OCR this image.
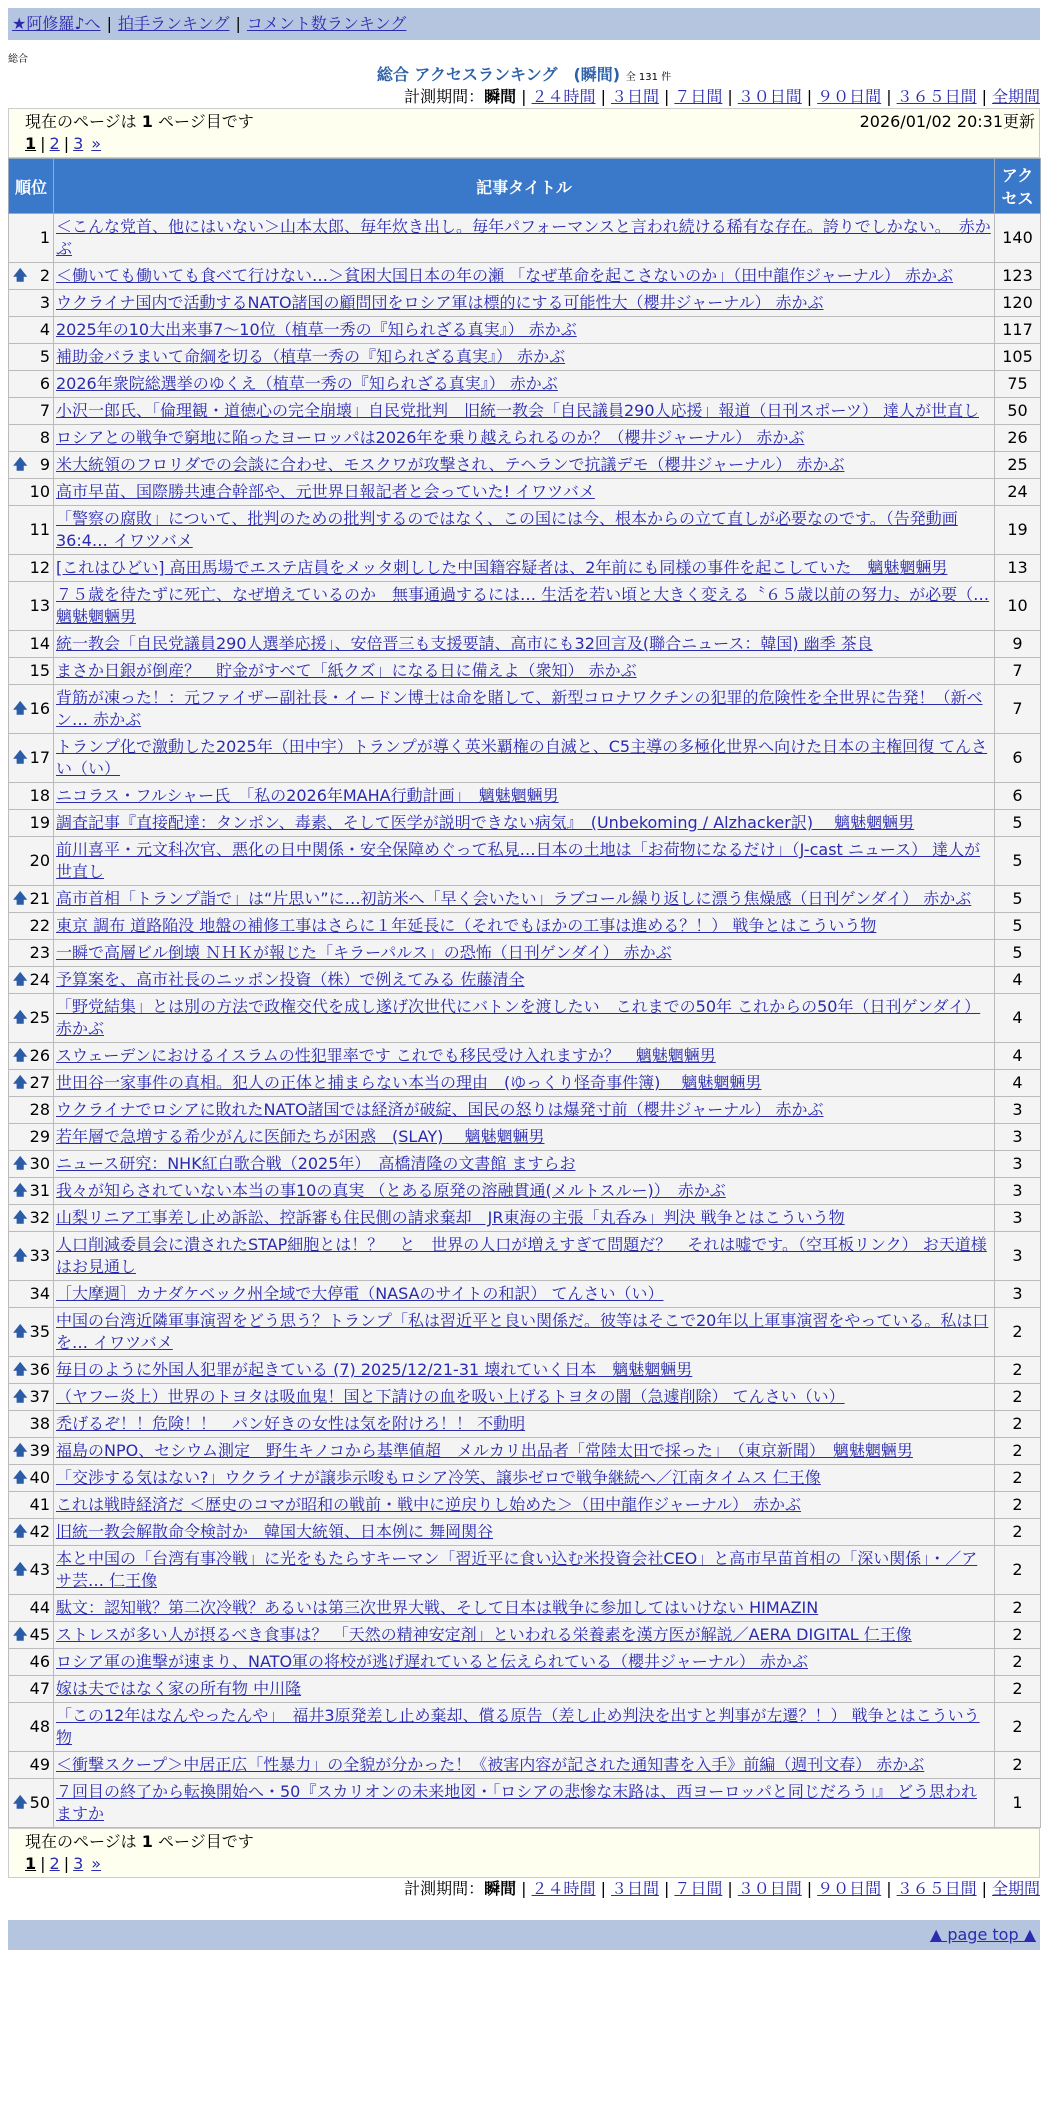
★阿修羅♪へ | 拍手ランキング | コメント数ランキング
総合
総合 アクセスランキング　(瞬間) 全 131 件
計測期間：瞬間 | ２４時間 | ３日間 | ７日間 | ３０日間 | ９０日間 | ３６５日間 | 全期間
現在のページは 1 ページ目です	2026/01/02 20:31更新
1 | 2 | 3 »
順位	記事タイトル	アクセス
1	＜こんな党首、他にはいない＞山本太郎、毎年炊き出し。毎年パフォーマンスと言われ続ける稀有な存在。誇りでしかない。　赤かぶ	140

🡅 2	＜働いても働いても食べて行けない…＞貧困大国日本の年の瀬 「なぜ革命を起こさないのか」（田中龍作ジャーナル） 赤かぶ	123
3	ウクライナ国内で活動するNATO諸国の顧問団をロシア軍は標的にする可能性大（櫻井ジャーナル） 赤かぶ	120
4	2025年の10大出来事7～10位（植草一秀の『知られざる真実』） 赤かぶ	117
5	補助金バラまいて命綱を切る（植草一秀の『知られざる真実』） 赤かぶ	105
6	2026年衆院総選挙のゆくえ（植草一秀の『知られざる真実』） 赤かぶ	75
7	小沢一郎氏、「倫理観・道徳心の完全崩壊」自民党批判　旧統一教会「自民議員290人応援」報道（日刊スポーツ） 達人が世直し	50
8	ロシアとの戦争で窮地に陥ったヨーロッパは2026年を乗り越えられるのか？（櫻井ジャーナル） 赤かぶ	26

🡅 9	米大統領のフロリダでの会談に合わせ、モスクワが攻撃され、テヘランで抗議デモ（櫻井ジャーナル） 赤かぶ	25
10	高市早苗、国際勝共連合幹部や、元世界日報記者と会っていた! イワツバメ	24
11	「警察の腐敗」について、批判のための批判するのではなく、この国には今、根本からの立て直しが必要なのです。（告発動画36:4… イワツバメ	19
12	[これはひどい] 高田馬場でエステ店員をメッタ刺しした中国籍容疑者は、2年前にも同様の事件を起こしていた　魑魅魍魎男	13
13	７５歳を待たずに死亡、なぜ増えているのか　無事通過するには… 生活を若い頃と大きく変える〝６５歳以前の努力〟が必要（… 魑魅魍魎男	10
14	統一教会「自民党議員290人選挙応援」、安倍晋三も支援要請、高市にも32回言及(聯合ニュース：韓国) 幽季 茶良	9
15	まさか日銀が倒産？　貯金がすべて「紙クズ」になる日に備えよ（衆知） 赤かぶ	7

🡅 16	背筋が凍った！：元ファイザー副社長・イードン博士は命を賭して、新型コロナワクチンの犯罪的危険性を全世界に告発！（新ベン… 赤かぶ	7

🡅 17	トランプ化で激動した2025年（田中宇）トランプが導く英米覇権の自滅と、C5主導の多極化世界へ向けた日本の主権回復 てんさい（い）	6
18	ニコラス・フルシャー氏　「私の2026年MAHA行動計画」　魑魅魍魎男	6
19	調査記事『直接配達：タンポン、毒素、そして医学が説明できない病気』　(Unbekoming / Alzhacker訳)　 魑魅魍魎男	5
20	前川喜平・元文科次官、悪化の日中関係・安全保障めぐって私見…日本の土地は「お荷物になるだけ」（J-cast ニュース） 達人が世直し	5

🡅 21	高市首相「トランプ詣で」は“片思い”に…初訪米へ「早く会いたい」ラブコール繰り返しに漂う焦燥感（日刊ゲンダイ） 赤かぶ	5
22	東京 調布 道路陥没 地盤の補修工事はさらに１年延長に（それでもほかの工事は進める？！） 戦争とはこういう物	5
23	一瞬で高層ビル倒壊 ＮＨＫが報じた「キラーパルス」の恐怖（日刊ゲンダイ） 赤かぶ	5

🡅 24	予算案を、高市社長のニッポン投資（株）で例えてみる 佐藤清全	4

🡅 25	「野党結集」とは別の方法で政権交代を成し遂げ次世代にバトンを渡したい　これまでの50年 これからの50年（日刊ゲンダイ） 赤かぶ	4

🡅 26	スウェーデンにおけるイスラムの性犯罪率です これでも移民受け入れますか？　魑魅魍魎男	4

🡅 27	世田谷一家事件の真相。犯人の正体と捕まらない本当の理由　(ゆっくり怪奇事件簿)　 魑魅魍魎男	4
28	ウクライナでロシアに敗れたNATO諸国では経済が破綻、国民の怒りは爆発寸前（櫻井ジャーナル） 赤かぶ	3
29	若年層で急増する希少がんに医師たちが困惑　(SLAY)　 魑魅魍魎男	3

🡅 30	ニュース研究：NHK紅白歌合戦（2025年）　高橋清隆の文書館 ますらお	3

🡅 31	我々が知らされていない本当の事10の真実 （とある原発の溶融貫通(メルトスルー)）　赤かぶ	3

🡅 32	山梨リニア工事差し止め訴訟、控訴審も住民側の請求棄却　JR東海の主張「丸呑み」判決 戦争とはこういう物	3

🡅 33	人口削減委員会に潰されたSTAP細胞とは！？　と　世界の人口が増えすぎて問題だ？　それは嘘です。（空耳板リンク） お天道様はお見通し	3
34	［大摩週］カナダケベック州全域で大停電（NASAのサイトの和訳） てんさい（い）	3

🡅 35	中国の台湾近隣軍事演習をどう思う？トランプ「私は習近平と良い関係だ。彼等はそこで20年以上軍事演習をやっている。私は口を… イワツバメ	2

🡅 36	毎日のように外国人犯罪が起きている (7) 2025/12/21-31 壊れていく日本　魑魅魍魎男	2

🡅 37	（ヤフー炎上）世界のトヨタは吸血鬼！国と下請けの血を吸い上げるトヨタの闇（急遽削除） てんさい（い）	2
38	禿げるぞ！！危険！！　パン好きの女性は気を附けろ！！ 不動明	2

🡅 39	福島のNPO、セシウム測定　野生キノコから基準値超　メルカリ出品者「常陸太田で採った」　（東京新聞）　魑魅魍魎男	2

🡅 40	「交渉する気はない?」ウクライナが譲歩示唆もロシア冷笑、譲歩ゼロで戦争継続へ／江南タイムス 仁王像	2
41	これは戦時経済だ ＜歴史のコマが昭和の戦前・戦中に逆戻りし始めた＞（田中龍作ジャーナル） 赤かぶ	2

🡅 42	旧統一教会解散命令検討か　韓国大統領、日本例に 舞岡関谷	2

🡅 43	本と中国の「台湾有事冷戦」に光をもたらすキーマン「習近平に食い込む米投資会社CEO」と高市早苗首相の「深い関係」・／アサ芸… 仁王像	2
44	駄文：認知戦？第二次冷戦？あるいは第三次世界大戦、そして日本は戦争に参加してはいけない HIMAZIN	2

🡅 45	ストレスが多い人が摂るべき食事は？ 「天然の精神安定剤」といわれる栄養素を漢方医が解説／AERA DIGITAL 仁王像	2
46	ロシア軍の進撃が速まり、NATO軍の将校が逃げ遅れていると伝えられている（櫻井ジャーナル） 赤かぶ	2
47	嫁は夫ではなく家の所有物 中川隆	2
48	「この12年はなんやったんや」　福井3原発差し止め棄却、償る原告（差し止め判決を出すと判事が左遷？！） 戦争とはこういう物	2
49	＜衝撃スクープ＞中居正広「性暴力」の全貌が分かった！《被害内容が記された通知書を入手》前編（週刊文春） 赤かぶ	2

🡅 50	７回目の終了から転換開始へ・50『スカリオンの未来地図・「ロシアの悲惨な末路は、西ヨーロッパと同じだろう」』 どう思われますか	1
現在のページは 1 ページ目です
1 | 2 | 3 »
計測期間：瞬間 | ２４時間 | ３日間 | ７日間 | ３０日間 | ９０日間 | ３６５日間 | 全期間
▲ page top ▲
